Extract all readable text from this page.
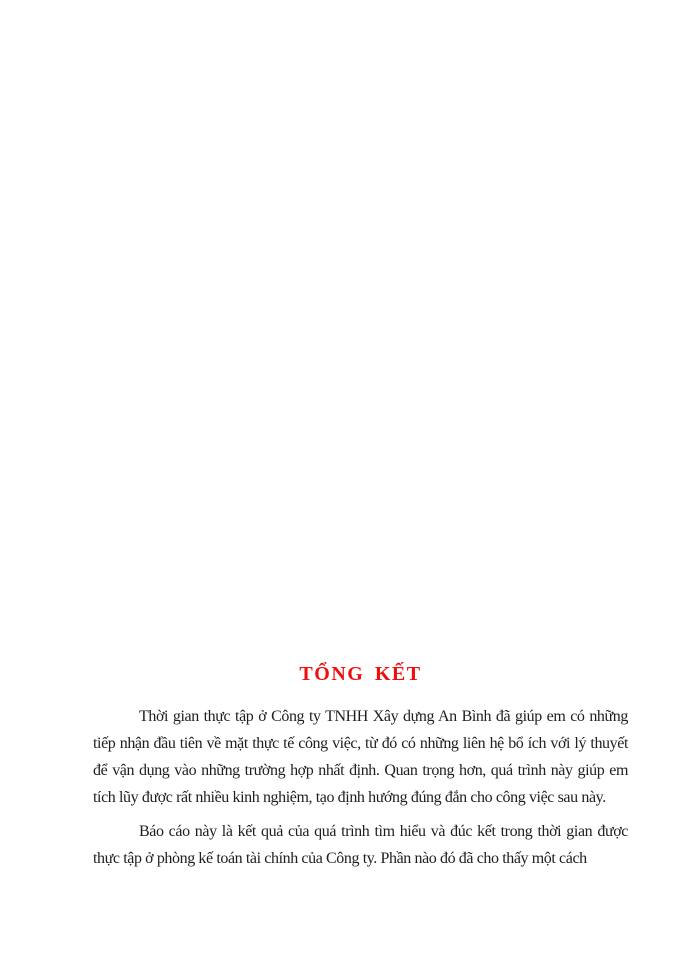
TỔNG KẾT

Thời gian thực tập ở Công ty TNHH Xây dựng An Bình đã giúp em có những tiếp nhận đầu tiên về mặt thực tế công việc, từ đó có những liên hệ bổ ích với lý thuyết để vận dụng vào những trường hợp nhất định. Quan trọng hơn, quá trình này giúp em tích lũy được rất nhiều kinh nghiệm, tạo định hướng đúng đắn cho công việc sau này.

Báo cáo này là kết quả của quá trình tìm hiểu và đúc kết trong thời gian được thực tập ở phòng kế toán tài chính của Công ty. Phần nào đó đã cho thấy một cách
